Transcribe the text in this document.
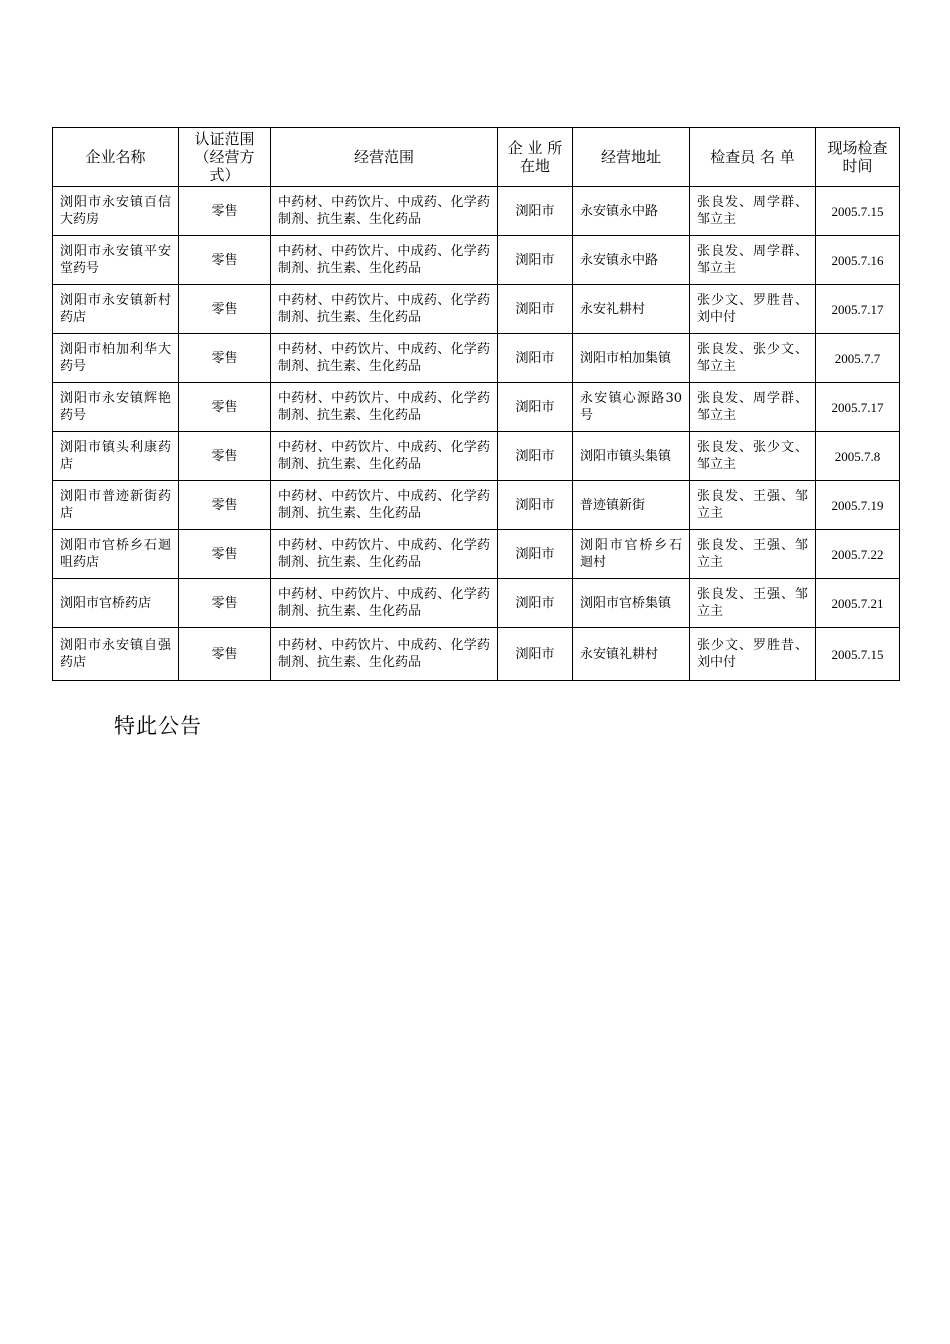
企业名称	认证范围（经营方式）	经营范围	企 业 所在地	经营地址	检查员 名 单	现场检查时间
浏阳市永安镇百信大药房	零售	中药材、中药饮片、中成药、化学药制剂、抗生素、生化药品	浏阳市	永安镇永中路	张良发、周学群、邹立主	2005.7.15
浏阳市永安镇平安堂药号	零售	中药材、中药饮片、中成药、化学药制剂、抗生素、生化药品	浏阳市	永安镇永中路	张良发、周学群、邹立主	2005.7.16
浏阳市永安镇新村药店	零售	中药材、中药饮片、中成药、化学药制剂、抗生素、生化药品	浏阳市	永安礼耕村	张少文、罗胜昔、刘中付	2005.7.17
浏阳市柏加利华大药号	零售	中药材、中药饮片、中成药、化学药制剂、抗生素、生化药品	浏阳市	浏阳市柏加集镇	张良发、张少文、邹立主	2005.7.7
浏阳市永安镇辉艳药号	零售	中药材、中药饮片、中成药、化学药制剂、抗生素、生化药品	浏阳市	永安镇心源路30号	张良发、周学群、邹立主	2005.7.17
浏阳市镇头利康药店	零售	中药材、中药饮片、中成药、化学药制剂、抗生素、生化药品	浏阳市	浏阳市镇头集镇	张良发、张少文、邹立主	2005.7.8
浏阳市普迹新街药店	零售	中药材、中药饮片、中成药、化学药制剂、抗生素、生化药品	浏阳市	普迹镇新街	张良发、王强、邹立主	2005.7.19
浏阳市官桥乡石迴咀药店	零售	中药材、中药饮片、中成药、化学药制剂、抗生素、生化药品	浏阳市	浏阳市官桥乡石迴村	张良发、王强、邹立主	2005.7.22
浏阳市官桥药店	零售	中药材、中药饮片、中成药、化学药制剂、抗生素、生化药品	浏阳市	浏阳市官桥集镇	张良发、王强、邹立主	2005.7.21
浏阳市永安镇自强药店	零售	中药材、中药饮片、中成药、化学药制剂、抗生素、生化药品	浏阳市	永安镇礼耕村	张少文、罗胜昔、刘中付	2005.7.15
特此公告
